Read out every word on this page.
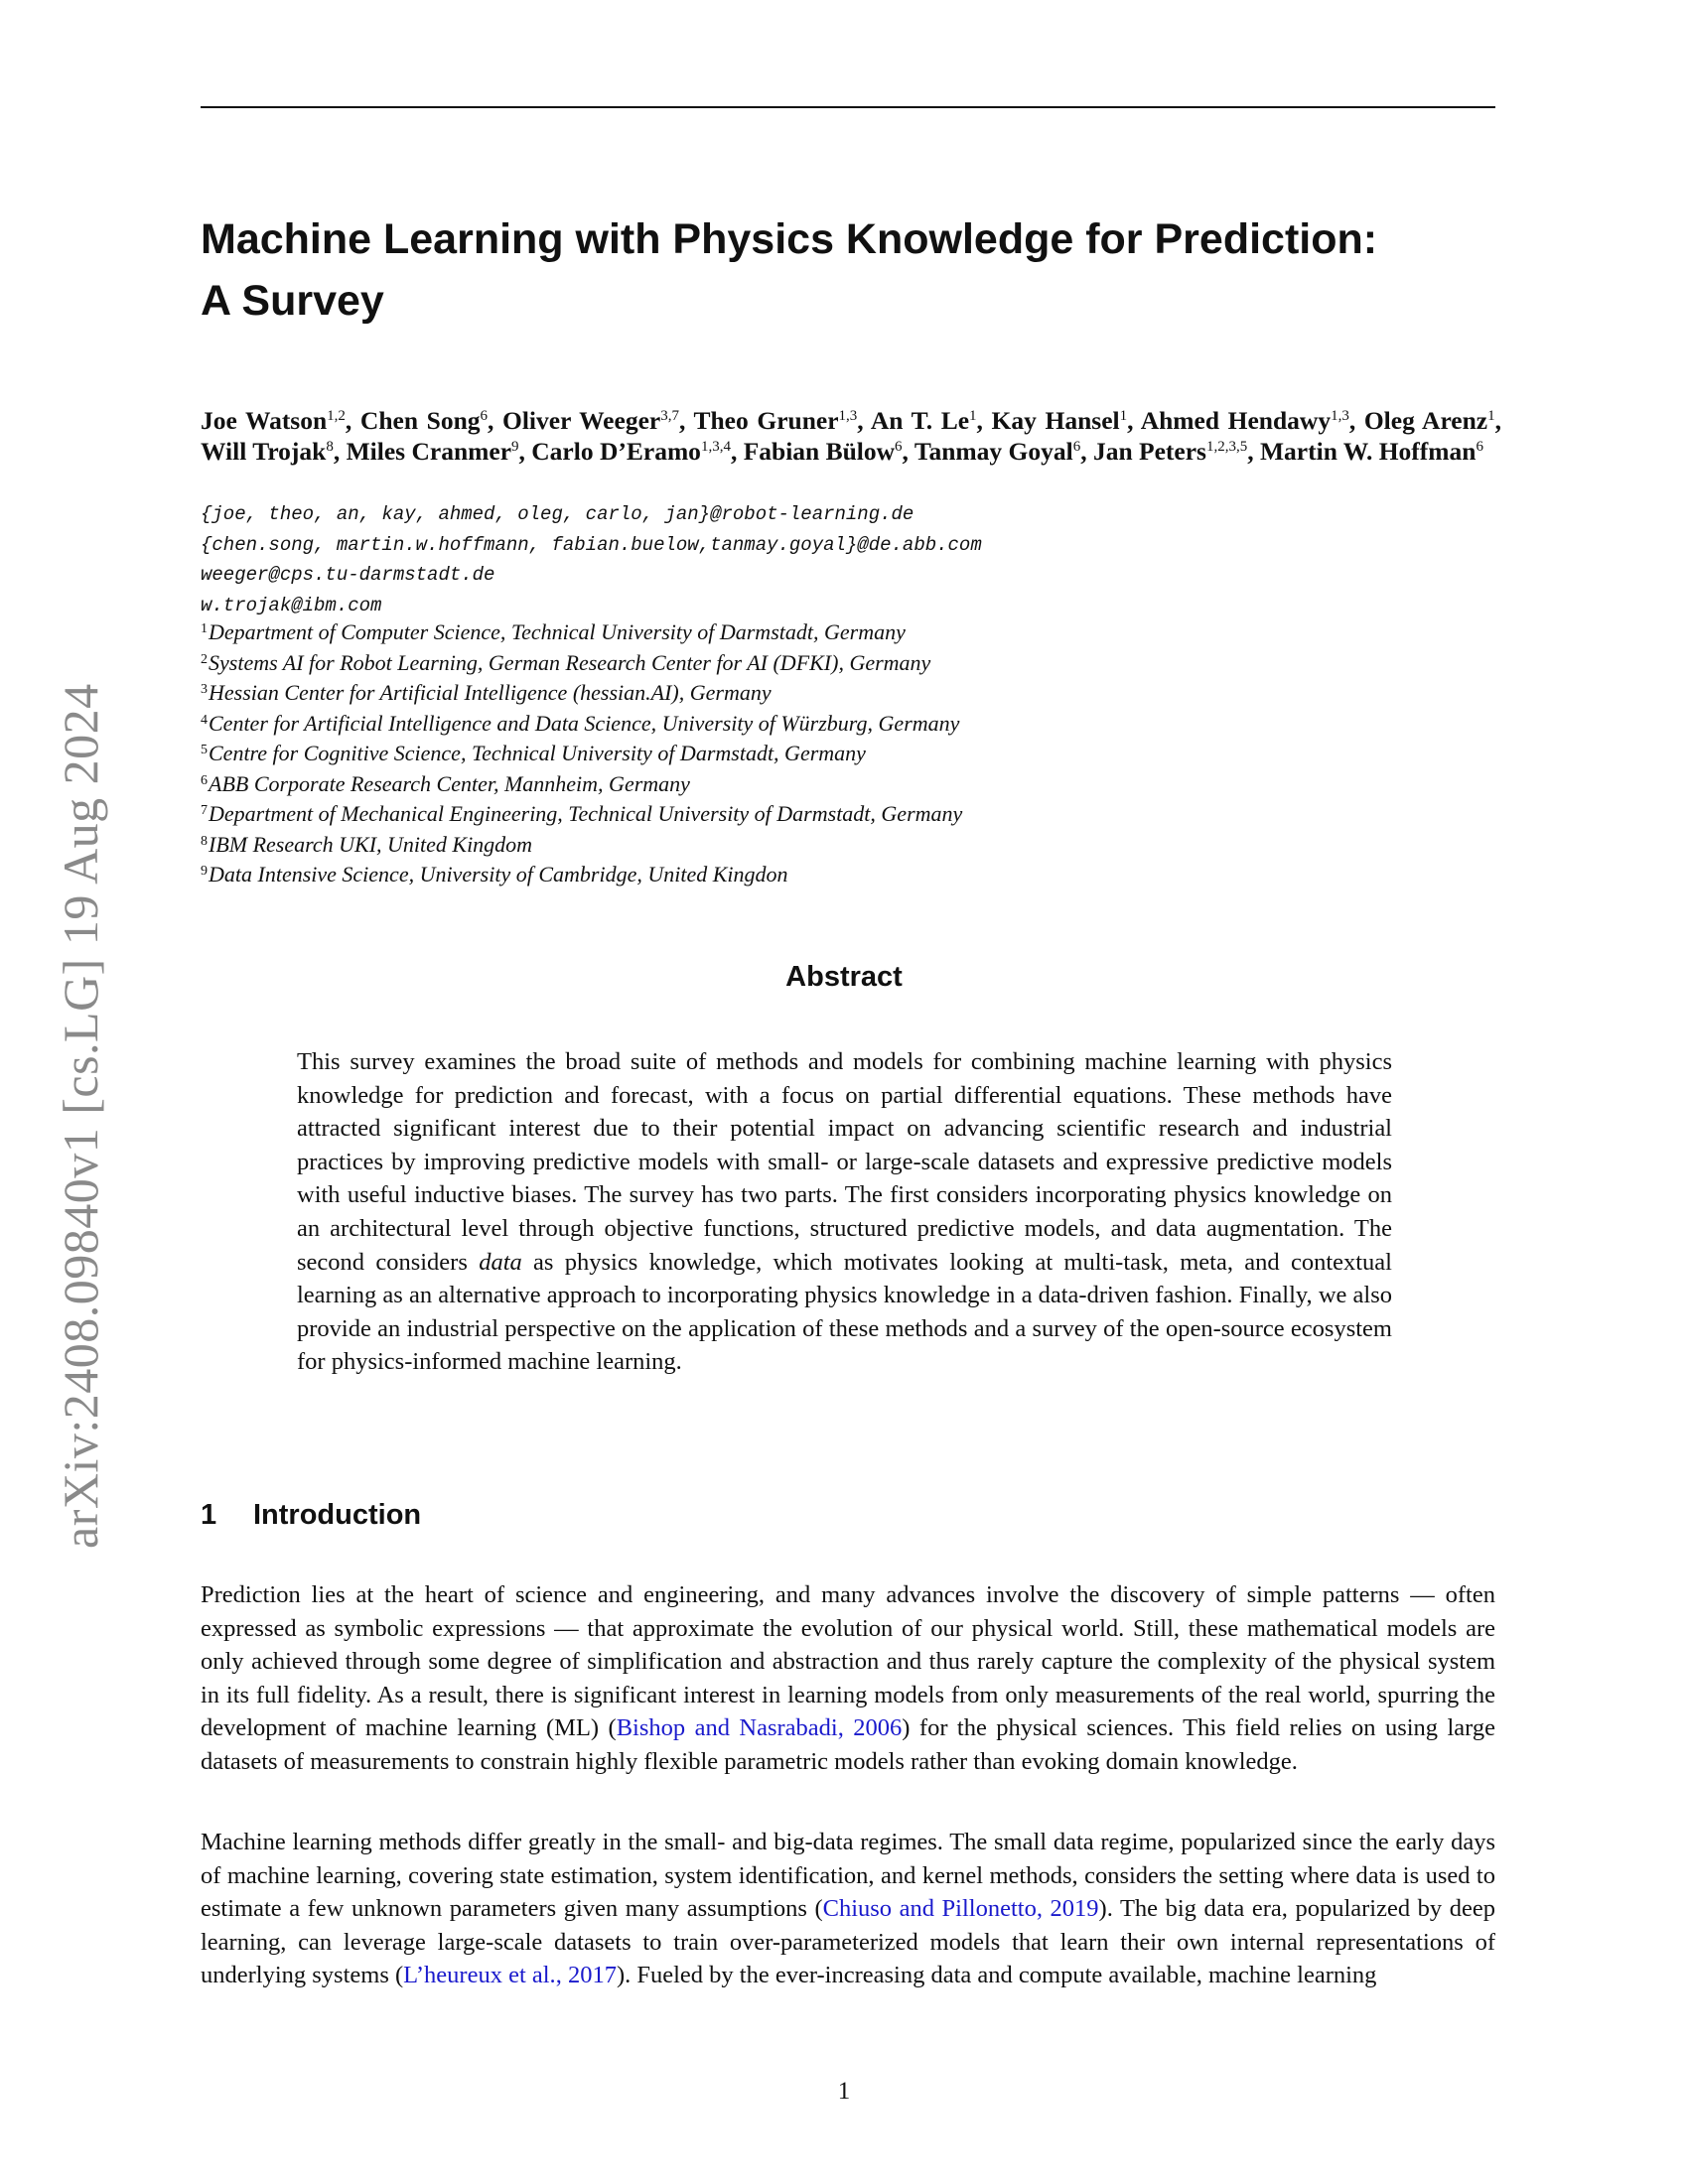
arXiv:2408.09840v1 [cs.LG] 19 Aug 2024
Machine Learning with Physics Knowledge for Prediction:
A Survey
Joe Watson$^{1,2}$, Chen Song$^6$, Oliver Weeger$^{3,7}$, Theo Gruner$^{1,3}$, An T. Le$^1$, Kay Hansel$^1$, Ahmed Hendawy$^{1,3}$, Oleg Arenz$^1$, Will Trojak$^8$, Miles Cranmer$^9$, Carlo D’Eramo$^{1,3,4}$, Fabian Bülow$^6$, Tanmay Goyal$^6$, Jan Peters$^{1,2,3,5}$, Martin W. Hoffman$^6$
{joe, theo, an, kay, ahmed, oleg, carlo, jan}@robot-learning.de
{chen.song, martin.w.hoffmann, fabian.buelow,tanmay.goyal}@de.abb.com
weeger@cps.tu-darmstadt.de
w.trojak@ibm.com
$^1$Department of Computer Science, Technical University of Darmstadt, Germany
$^2$Systems AI for Robot Learning, German Research Center for AI (DFKI), Germany
$^3$Hessian Center for Artificial Intelligence (hessian.AI), Germany
$^4$Center for Artificial Intelligence and Data Science, University of Würzburg, Germany
$^5$Centre for Cognitive Science, Technical University of Darmstadt, Germany
$^6$ABB Corporate Research Center, Mannheim, Germany
$^7$Department of Mechanical Engineering, Technical University of Darmstadt, Germany
$^8$IBM Research UKI, United Kingdom
$^9$Data Intensive Science, University of Cambridge, United Kingdon
Abstract
This survey examines the broad suite of methods and models for combining machine learning with physics knowledge for prediction and forecast, with a focus on partial differential equations. These methods have attracted significant interest due to their potential impact on advancing scientific research and industrial practices by improving predictive models with small- or large-scale datasets and expressive predictive models with useful inductive biases. The survey has two parts. The first considers incorporating physics knowledge on an architectural level through objective functions, structured predictive models, and data augmentation. The second considers data as physics knowledge, which motivates looking at multi-task, meta, and contextual learning as an alternative approach to incorporating physics knowledge in a data-driven fashion. Finally, we also provide an industrial perspective on the application of these methods and a survey of the open-source ecosystem for physics-informed machine learning.
1 Introduction
Prediction lies at the heart of science and engineering, and many advances involve the discovery of simple patterns — often expressed as symbolic expressions — that approximate the evolution of our physical world. Still, these mathematical models are only achieved through some degree of simplification and abstraction and thus rarely capture the complexity of the physical system in its full fidelity. As a result, there is significant interest in learning models from only measurements of the real world, spurring the development of machine learning (ML) (Bishop and Nasrabadi, 2006) for the physical sciences. This field relies on using large datasets of measurements to constrain highly flexible parametric models rather than evoking domain knowledge.
Machine learning methods differ greatly in the small- and big-data regimes. The small data regime, popularized since the early days of machine learning, covering state estimation, system identification, and kernel methods, considers the setting where data is used to estimate a few unknown parameters given many assumptions (Chiuso and Pillonetto, 2019). The big data era, popularized by deep learning, can leverage large-scale datasets to train over-parameterized models that learn their own internal representations of underlying systems (L’heureux et al., 2017). Fueled by the ever-increasing data and compute available, machine learning
1
